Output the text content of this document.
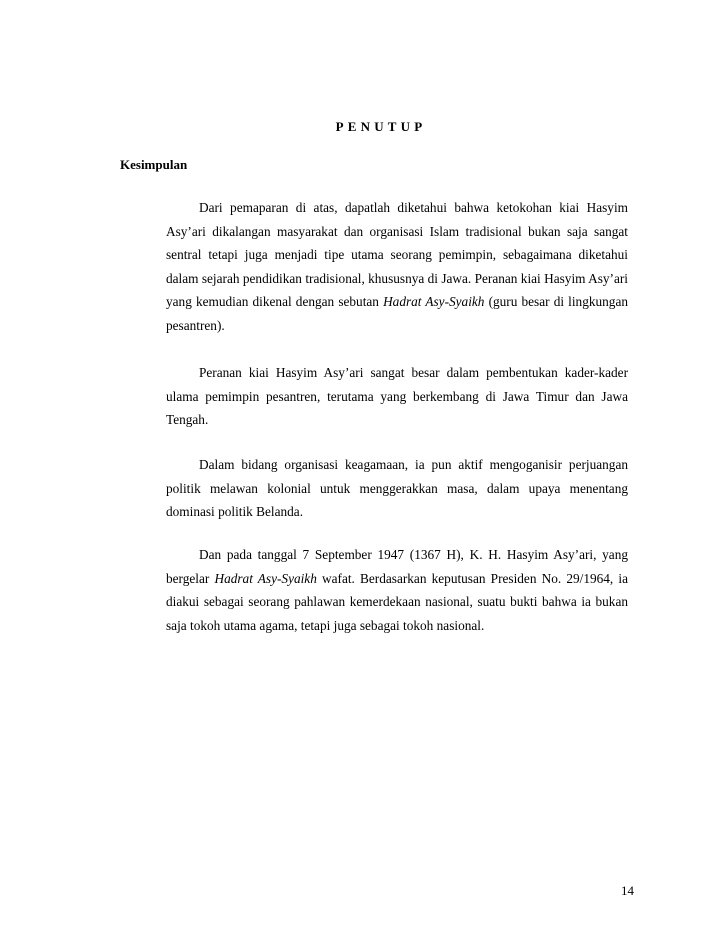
PENUTUP
Kesimpulan

Dari pemaparan di atas, dapatlah diketahui bahwa ketokohan kiai Hasyim Asy’ari dikalangan masyarakat dan organisasi Islam tradisional bukan saja sangat sentral tetapi juga menjadi tipe utama seorang pemimpin, sebagaimana diketahui dalam sejarah pendidikan tradisional, khususnya di Jawa. Peranan kiai Hasyim Asy’ari yang kemudian dikenal dengan sebutan Hadrat Asy-Syaikh (guru besar di lingkungan pesantren).

Peranan kiai Hasyim Asy’ari sangat besar dalam pembentukan kader-kader ulama pemimpin pesantren, terutama yang berkembang di Jawa Timur dan Jawa Tengah.

Dalam bidang organisasi keagamaan, ia pun aktif mengoganisir perjuangan politik melawan kolonial untuk menggerakkan masa, dalam upaya menentang dominasi politik Belanda.

Dan pada tanggal 7 September 1947 (1367 H), K. H. Hasyim Asy’ari, yang bergelar Hadrat Asy-Syaikh wafat. Berdasarkan keputusan Presiden No. 29/1964, ia diakui sebagai seorang pahlawan kemerdekaan nasional, suatu bukti bahwa ia bukan saja tokoh utama agama, tetapi juga sebagai tokoh nasional.

14
